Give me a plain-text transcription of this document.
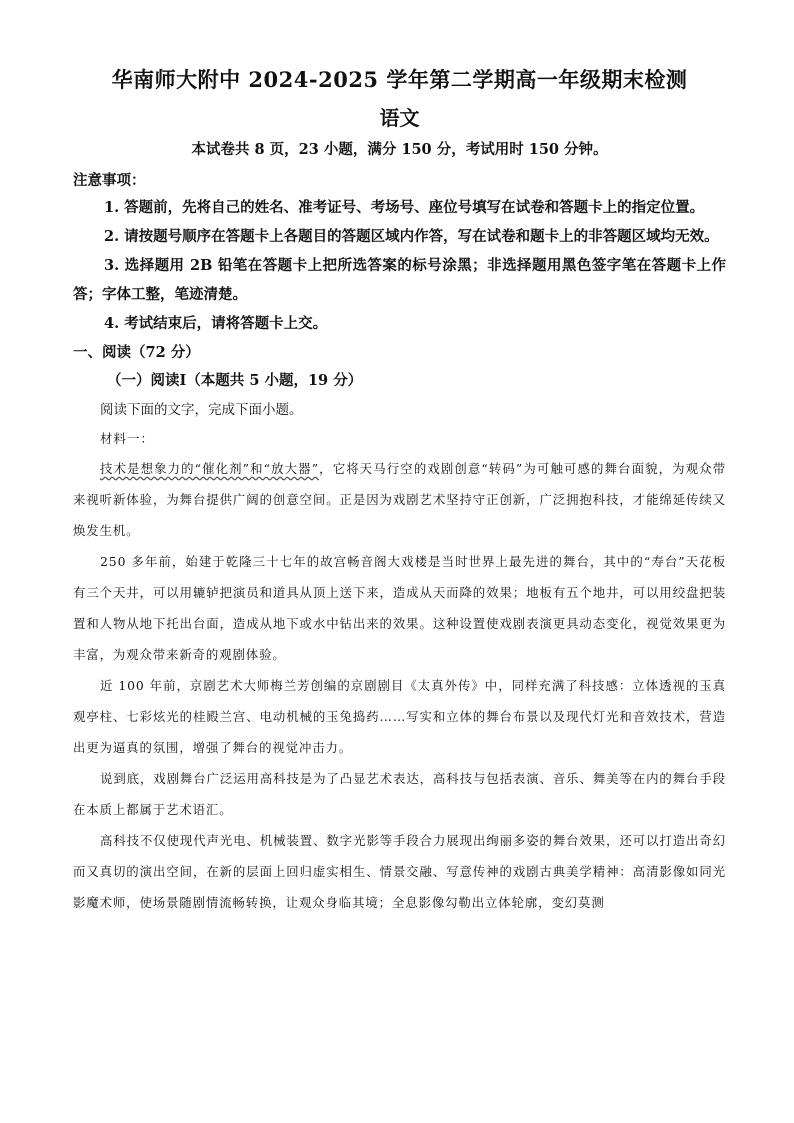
华南师大附中 2024-2025 学年第二学期高一年级期末检测
语文
本试卷共 8 页，23 小题，满分 150 分，考试用时 150 分钟。
注意事项：

1. 答题前，先将自己的姓名、准考证号、考场号、座位号填写在试卷和答题卡上的指定位置。

2. 请按题号顺序在答题卡上各题目的答题区域内作答，写在试卷和题卡上的非答题区域均无效。

3. 选择题用 2B 铅笔在答题卡上把所选答案的标号涂黑；非选择题用黑色签字笔在答题卡上作答；字体工整，笔迹清楚。

4. 考试结束后，请将答题卡上交。

一、阅读（72 分）
（一）阅读Ⅰ（本题共 5 小题，19 分）
阅读下面的文字，完成下面小题。
材料一：

技术是想象力的“催化剂”和“放大器”，它将天马行空的戏剧创意“转码”为可触可感的舞台面貌，为观众带来视听新体验，为舞台提供广阔的创意空间。正是因为戏剧艺术坚持守正创新，广泛拥抱科技，才能绵延传续又焕发生机。

250 多年前，始建于乾隆三十七年的故宫畅音阁大戏楼是当时世界上最先进的舞台，其中的“寿台”天花板有三个天井，可以用辘轳把演员和道具从顶上送下来，造成从天而降的效果；地板有五个地井，可以用绞盘把装置和人物从地下托出台面，造成从地下或水中钻出来的效果。这种设置使戏剧表演更具动态变化，视觉效果更为丰富，为观众带来新奇的观剧体验。

近 100 年前，京剧艺术大师梅兰芳创编的京剧剧目《太真外传》中，同样充满了科技感：立体透视的玉真观亭柱、七彩炫光的桂殿兰宫、电动机械的玉兔捣药……写实和立体的舞台布景以及现代灯光和音效技术，营造出更为逼真的氛围，增强了舞台的视觉冲击力。

说到底，戏剧舞台广泛运用高科技是为了凸显艺术表达，高科技与包括表演、音乐、舞美等在内的舞台手段在本质上都属于艺术语汇。

高科技不仅使现代声光电、机械装置、数字光影等手段合力展现出绚丽多姿的舞台效果，还可以打造出奇幻而又真切的演出空间，在新的层面上回归虚实相生、情景交融、写意传神的戏剧古典美学精神：高清影像如同光影魔术师，使场景随剧情流畅转换，让观众身临其境；全息影像勾勒出立体轮廓，变幻莫测
